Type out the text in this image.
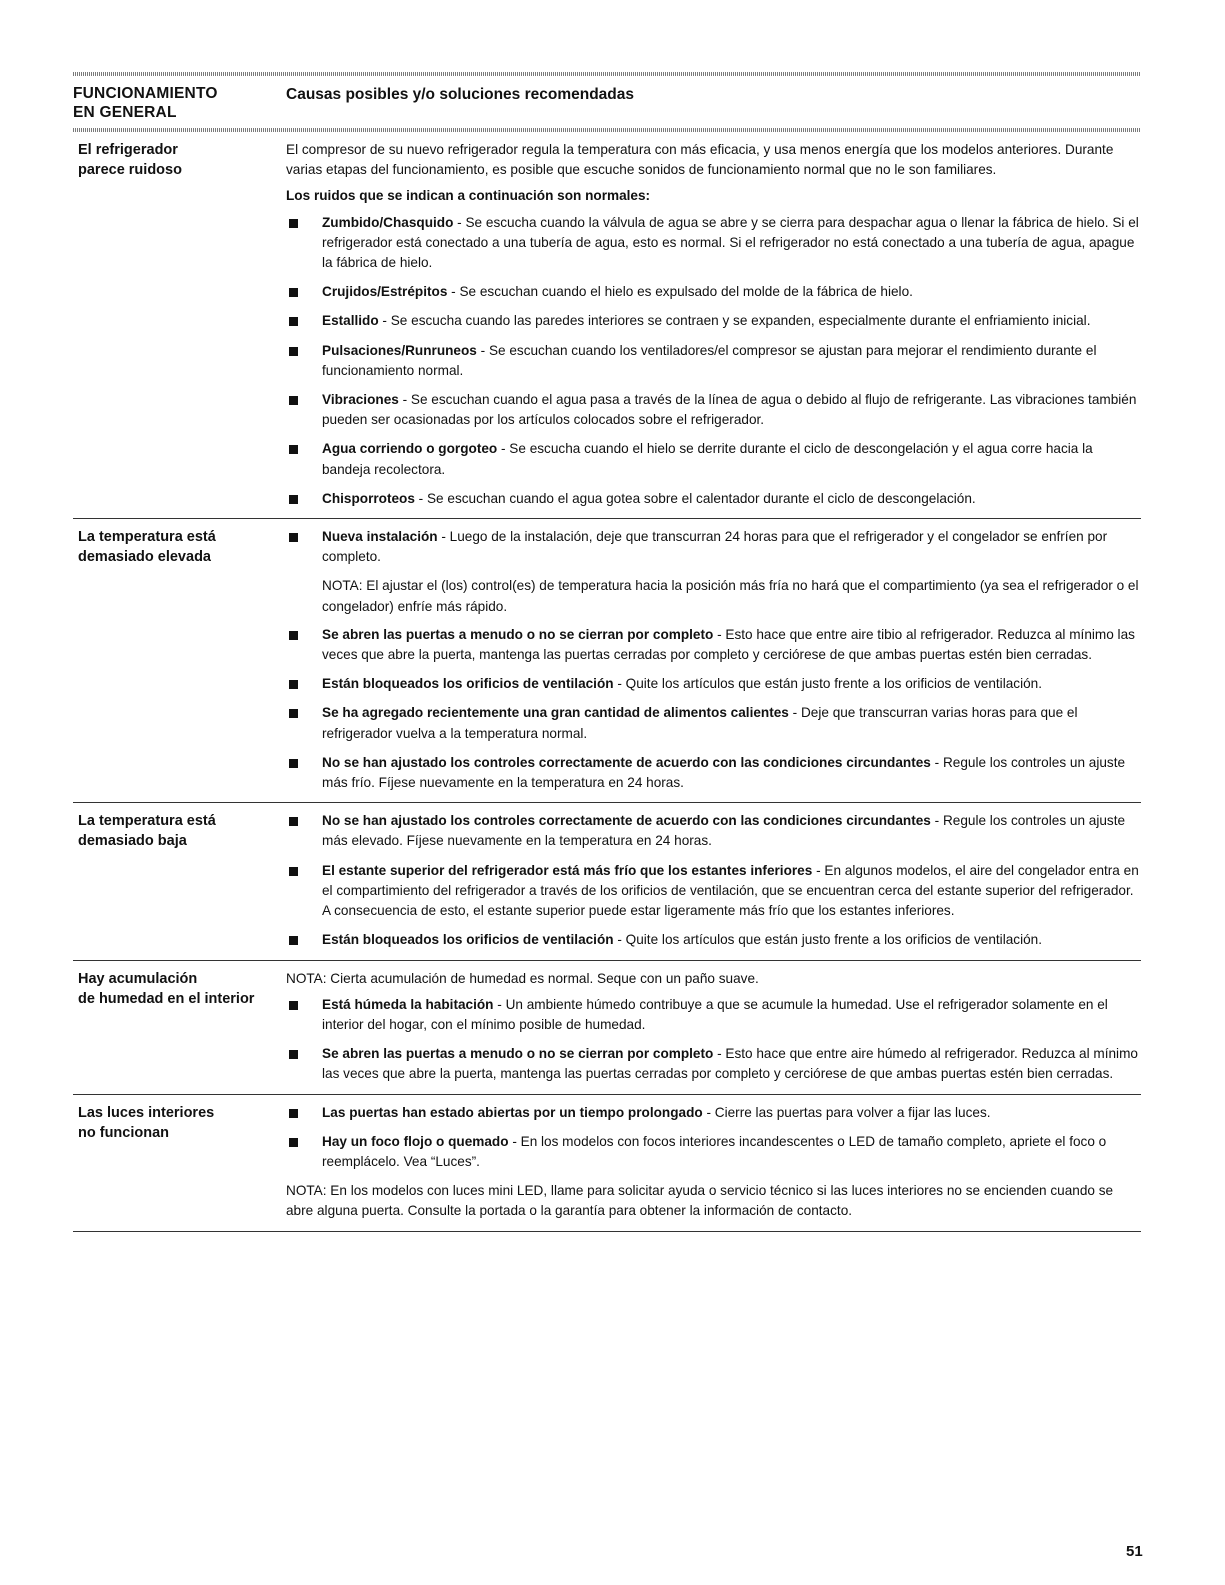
FUNCIONAMIENTO
EN GENERAL
Causas posibles y/o soluciones recomendadas
El refrigerador
parece ruidoso

El compresor de su nuevo refrigerador regula la temperatura con más eficacia, y usa menos energía que los modelos anteriores. Durante varias etapas del funcionamiento, es posible que escuche sonidos de funcionamiento normal que no le son familiares.

Los ruidos que se indican a continuación son normales:

Zumbido/Chasquido - Se escucha cuando la válvula de agua se abre y se cierra para despachar agua o llenar la fábrica de hielo. Si el refrigerador está conectado a una tubería de agua, esto es normal. Si el refrigerador no está conectado a una tubería de agua, apague la fábrica de hielo.
Crujidos/Estrépitos - Se escuchan cuando el hielo es expulsado del molde de la fábrica de hielo.
Estallido - Se escucha cuando las paredes interiores se contraen y se expanden, especialmente durante el enfriamiento inicial.
Pulsaciones/Runruneos - Se escuchan cuando los ventiladores/el compresor se ajustan para mejorar el rendimiento durante el funcionamiento normal.
Vibraciones - Se escuchan cuando el agua pasa a través de la línea de agua o debido al flujo de refrigerante. Las vibraciones también pueden ser ocasionadas por los artículos colocados sobre el refrigerador.
Agua corriendo o gorgoteo - Se escucha cuando el hielo se derrite durante el ciclo de descongelación y el agua corre hacia la bandeja recolectora.
Chisporroteos - Se escuchan cuando el agua gotea sobre el calentador durante el ciclo de descongelación.
La temperatura está
demasiado elevada
Nueva instalación - Luego de la instalación, deje que transcurran 24 horas para que el refrigerador y el congelador se enfríen por completo.

NOTA: El ajustar el (los) control(es) de temperatura hacia la posición más fría no hará que el compartimiento (ya sea el refrigerador o el congelador) enfríe más rápido.

Se abren las puertas a menudo o no se cierran por completo - Esto hace que entre aire tibio al refrigerador. Reduzca al mínimo las veces que abre la puerta, mantenga las puertas cerradas por completo y cerciórese de que ambas puertas estén bien cerradas.
Están bloqueados los orificios de ventilación - Quite los artículos que están justo frente a los orificios de ventilación.
Se ha agregado recientemente una gran cantidad de alimentos calientes - Deje que transcurran varias horas para que el refrigerador vuelva a la temperatura normal.
No se han ajustado los controles correctamente de acuerdo con las condiciones circundantes - Regule los controles un ajuste más frío. Fíjese nuevamente en la temperatura en 24 horas.
La temperatura está
demasiado baja
No se han ajustado los controles correctamente de acuerdo con las condiciones circundantes - Regule los controles un ajuste más elevado. Fíjese nuevamente en la temperatura en 24 horas.
El estante superior del refrigerador está más frío que los estantes inferiores - En algunos modelos, el aire del congelador entra en el compartimiento del refrigerador a través de los orificios de ventilación, que se encuentran cerca del estante superior del refrigerador. A consecuencia de esto, el estante superior puede estar ligeramente más frío que los estantes inferiores.
Están bloqueados los orificios de ventilación - Quite los artículos que están justo frente a los orificios de ventilación.
Hay acumulación
de humedad en el interior

NOTA: Cierta acumulación de humedad es normal. Seque con un paño suave.

Está húmeda la habitación - Un ambiente húmedo contribuye a que se acumule la humedad. Use el refrigerador solamente en el interior del hogar, con el mínimo posible de humedad.
Se abren las puertas a menudo o no se cierran por completo - Esto hace que entre aire húmedo al refrigerador. Reduzca al mínimo las veces que abre la puerta, mantenga las puertas cerradas por completo y cerciórese de que ambas puertas estén bien cerradas.
Las luces interiores
no funcionan
Las puertas han estado abiertas por un tiempo prolongado - Cierre las puertas para volver a fijar las luces.
Hay un foco flojo o quemado - En los modelos con focos interiores incandescentes o LED de tamaño completo, apriete el foco o reemplácelo. Vea “Luces”.

NOTA: En los modelos con luces mini LED, llame para solicitar ayuda o servicio técnico si las luces interiores no se encienden cuando se abre alguna puerta. Consulte la portada o la garantía para obtener la información de contacto.

51
